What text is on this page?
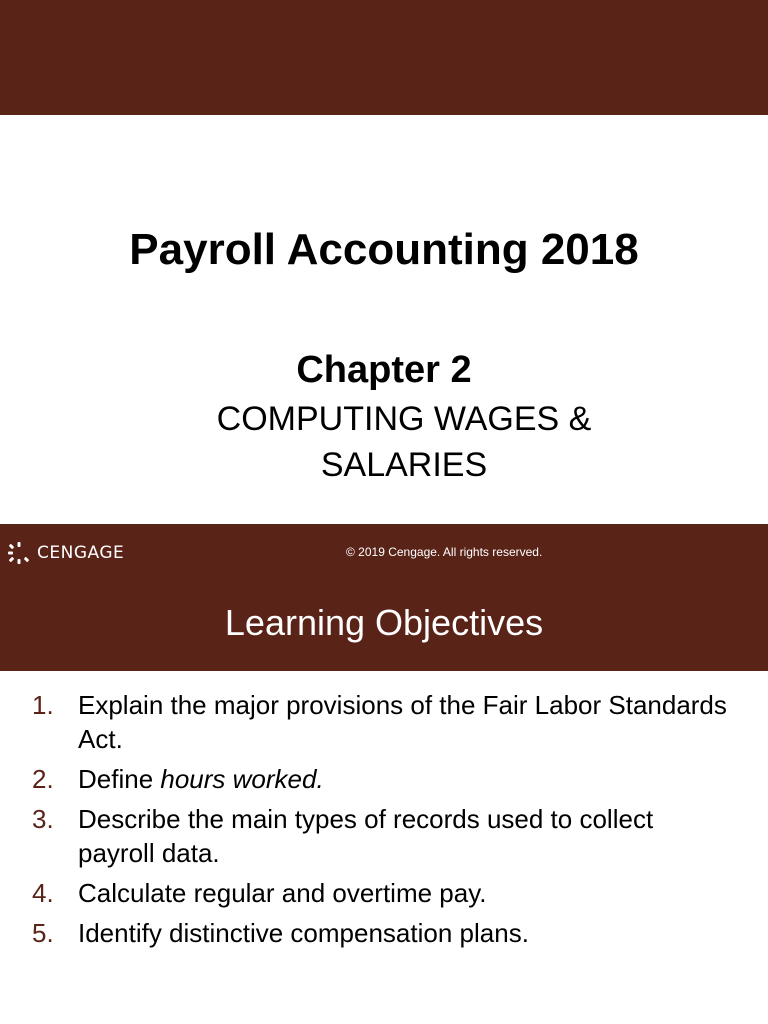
Payroll Accounting 2018
Chapter 2
COMPUTING WAGES & SALARIES
CENGAGE	© 2019 Cengage. All rights reserved.
Learning Objectives
1. Explain the major provisions of the Fair Labor Standards Act.
2. Define hours worked.
3. Describe the main types of records used to collect payroll data.
4. Calculate regular and overtime pay.
5. Identify distinctive compensation plans.
